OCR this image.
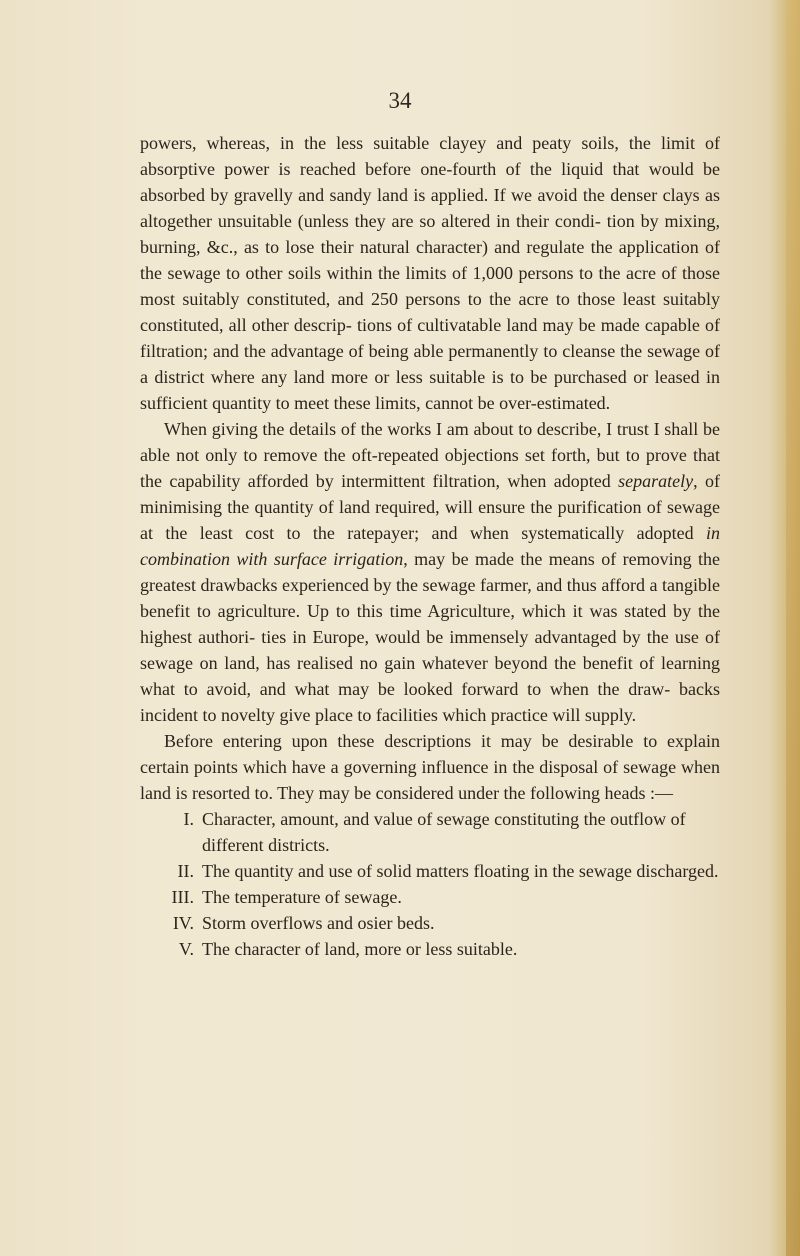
34

powers, whereas, in the less suitable clayey and peaty soils, the limit of absorptive power is reached before one-fourth of the liquid that would be absorbed by gravelly and sandy land is applied. If we avoid the denser clays as altogether unsuitable (unless they are so altered in their condi- tion by mixing, burning, &c., as to lose their natural character) and regulate the application of the sewage to other soils within the limits of 1,000 persons to the acre of those most suitably constituted, and 250 persons to the acre to those least suitably constituted, all other descrip- tions of cultivatable land may be made capable of filtration; and the advantage of being able permanently to cleanse the sewage of a district where any land more or less suitable is to be purchased or leased in sufficient quantity to meet these limits, cannot be over-estimated.

When giving the details of the works I am about to describe, I trust I shall be able not only to remove the oft-repeated objections set forth, but to prove that the capability afforded by intermittent filtration, when adopted separately, of minimising the quantity of land required, will ensure the purification of sewage at the least cost to the ratepayer; and when systematically adopted in combination with surface irrigation, may be made the means of removing the greatest drawbacks experienced by the sewage farmer, and thus afford a tangible benefit to agriculture. Up to this time Agriculture, which it was stated by the highest authori- ties in Europe, would be immensely advantaged by the use of sewage on land, has realised no gain whatever beyond the benefit of learning what to avoid, and what may be looked forward to when the draw- backs incident to novelty give place to facilities which practice will supply.

Before entering upon these descriptions it may be desirable to explain certain points which have a governing influence in the disposal of sewage when land is resorted to. They may be considered under the following heads :—

I. Character, amount, and value of sewage constituting the outflow of different districts.
II. The quantity and use of solid matters floating in the sewage discharged.
III. The temperature of sewage.
IV. Storm overflows and osier beds.
V. The character of land, more or less suitable.
